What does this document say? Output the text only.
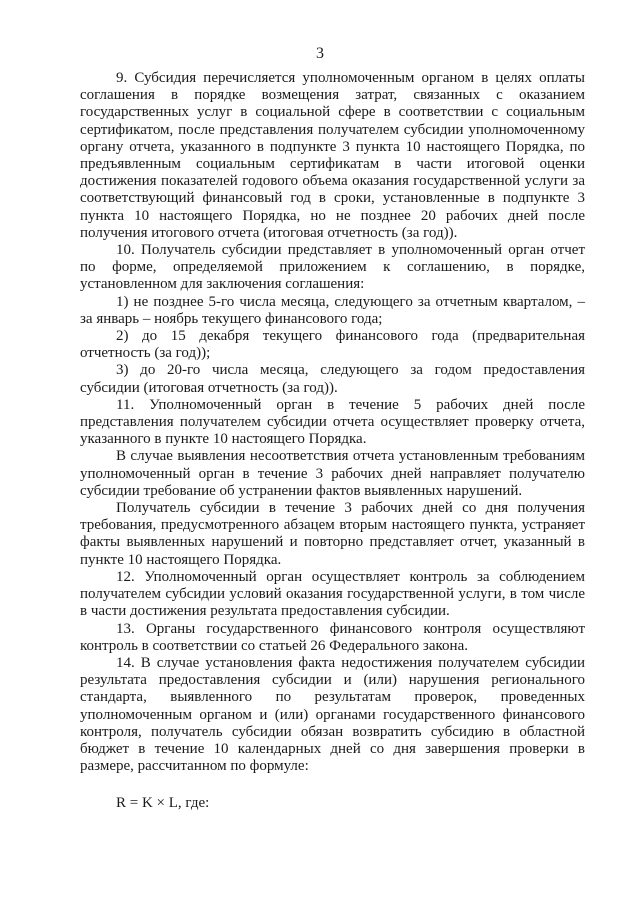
3

9. Субсидия перечисляется уполномоченным органом в целях оплаты соглашения в порядке возмещения затрат, связанных с оказанием государственных услуг в социальной сфере в соответствии с социальным сертификатом, после представления получателем субсидии уполномоченному органу отчета, указанного в подпункте 3 пункта 10 настоящего Порядка, по предъявленным социальным сертификатам в части итоговой оценки достижения показателей годового объема оказания государственной услуги за соответствующий финансовый год в сроки, установленные в подпункте 3 пункта 10 настоящего Порядка, но не позднее 20 рабочих дней после получения итогового отчета (итоговая отчетность (за год)).

10. Получатель субсидии представляет в уполномоченный орган отчет по форме, определяемой приложением к соглашению, в порядке, установленном для заключения соглашения:

1) не позднее 5-го числа месяца, следующего за отчетным кварталом, – за январь – ноябрь текущего финансового года;

2) до 15 декабря текущего финансового года (предварительная отчетность (за год));

3) до 20-го числа месяца, следующего за годом предоставления субсидии (итоговая отчетность (за год)).

11. Уполномоченный орган в течение 5 рабочих дней после представления получателем субсидии отчета осуществляет проверку отчета, указанного в пункте 10 настоящего Порядка.

В случае выявления несоответствия отчета установленным требованиям уполномоченный орган в течение 3 рабочих дней направляет получателю субсидии требование об устранении фактов выявленных нарушений.

Получатель субсидии в течение 3 рабочих дней со дня получения требования, предусмотренного абзацем вторым настоящего пункта, устраняет факты выявленных нарушений и повторно представляет отчет, указанный в пункте 10 настоящего Порядка.

12. Уполномоченный орган осуществляет контроль за соблюдением получателем субсидии условий оказания государственной услуги, в том числе в части достижения результата предоставления субсидии.

13. Органы государственного финансового контроля осуществляют контроль в соответствии со статьей 26 Федерального закона.

14. В случае установления факта недостижения получателем субсидии результата предоставления субсидии и (или) нарушения регионального стандарта, выявленного по результатам проверок, проведенных уполномоченным органом и (или) органами государственного финансового контроля, получатель субсидии обязан возвратить субсидию в областной бюджет в течение 10 календарных дней со дня завершения проверки в размере, рассчитанном по формуле:

R = K × L, где:
